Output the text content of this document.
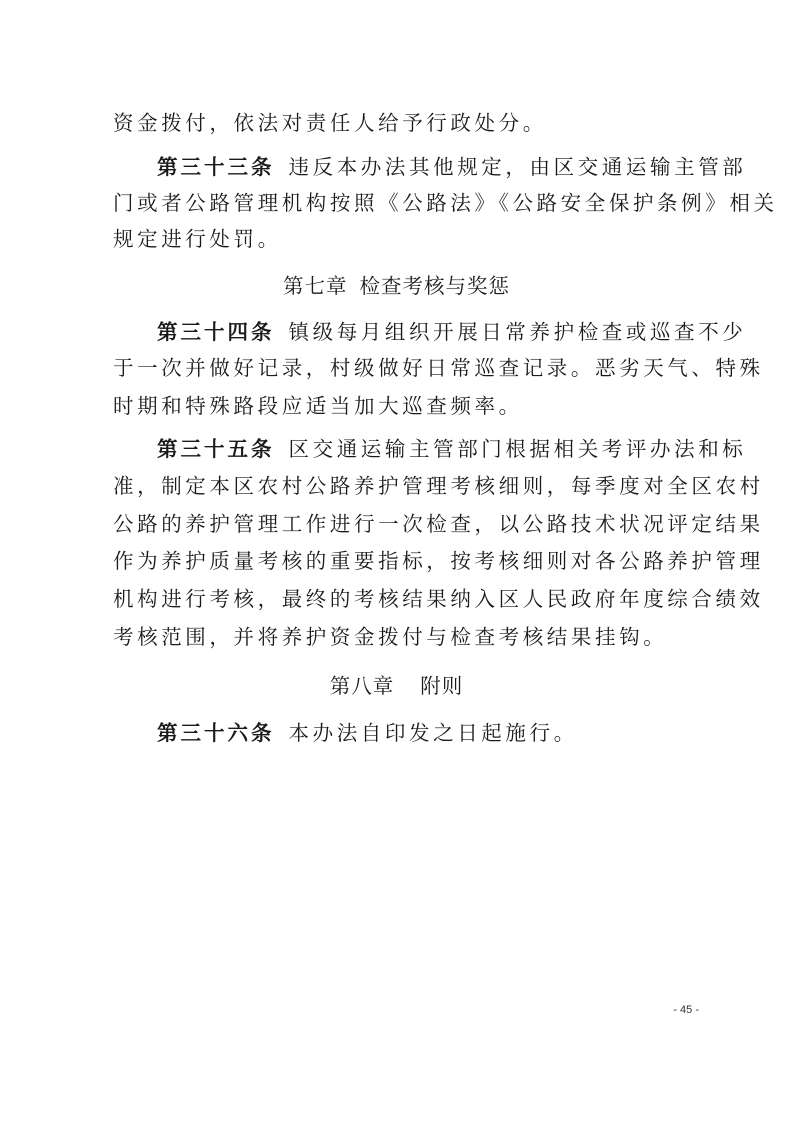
资金拨付，依法对责任人给予行政处分。
第三十三条 违反本办法其他规定，由区交通运输主管部
门或者公路管理机构按照《公路法》《公路安全保护条例》相关
规定进行处罚。
第七章 检查考核与奖惩
第三十四条 镇级每月组织开展日常养护检查或巡查不少
于一次并做好记录，村级做好日常巡查记录。恶劣天气、特殊
时期和特殊路段应适当加大巡查频率。
第三十五条 区交通运输主管部门根据相关考评办法和标
准，制定本区农村公路养护管理考核细则，每季度对全区农村
公路的养护管理工作进行一次检查，以公路技术状况评定结果
作为养护质量考核的重要指标，按考核细则对各公路养护管理
机构进行考核，最终的考核结果纳入区人民政府年度综合绩效
考核范围，并将养护资金拨付与检查考核结果挂钩。
第八章 附则
第三十六条 本办法自印发之日起施行。
- 45 -
